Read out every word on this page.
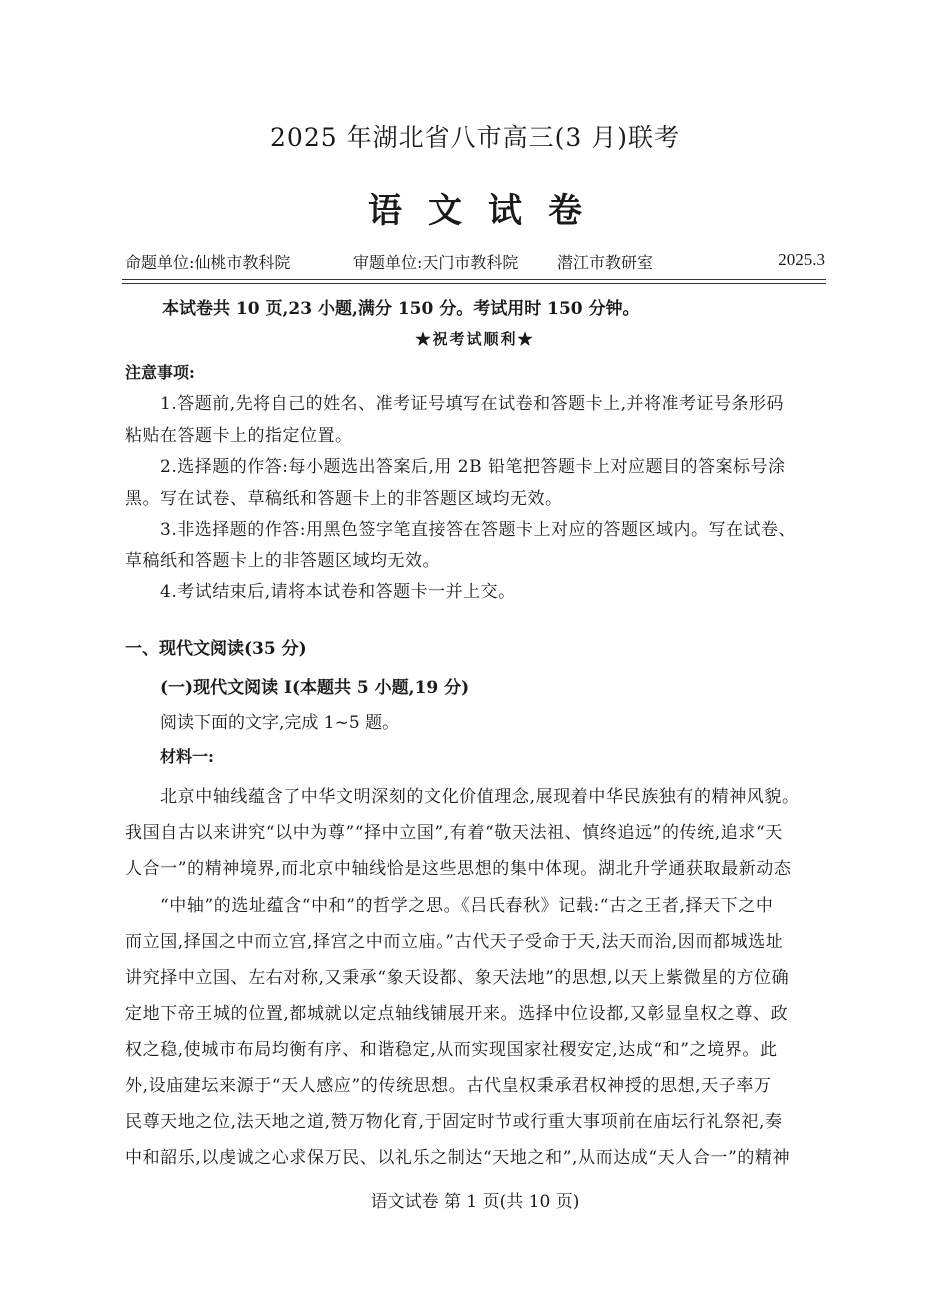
2025 年湖北省八市高三(3 月)联考
语文试卷
命题单位:仙桃市教科院	审题单位:天门市教科院 潜江市教研室	2025.3
本试卷共 10 页,23 小题,满分 150 分。考试用时 150 分钟。
★祝考试顺利★
注意事项:
1.答题前,先将自己的姓名、准考证号填写在试卷和答题卡上,并将准考证号条形码
粘贴在答题卡上的指定位置。
2.选择题的作答:每小题选出答案后,用 2B 铅笔把答题卡上对应题目的答案标号涂
黑。写在试卷、草稿纸和答题卡上的非答题区域均无效。
3.非选择题的作答:用黑色签字笔直接答在答题卡上对应的答题区域内。写在试卷、
草稿纸和答题卡上的非答题区域均无效。
4.考试结束后,请将本试卷和答题卡一并上交。
一、现代文阅读(35 分)
(一)现代文阅读 I(本题共 5 小题,19 分)
阅读下面的文字,完成 1~5 题。
材料一:
北京中轴线蕴含了中华文明深刻的文化价值理念,展现着中华民族独有的精神风貌。
我国自古以来讲究“以中为尊”“择中立国”,有着“敬天法祖、慎终追远”的传统,追求“天
人合一”的精神境界,而北京中轴线恰是这些思想的集中体现。湖北升学通获取最新动态
“中轴”的选址蕴含“中和”的哲学之思。《吕氏春秋》记载:“古之王者,择天下之中
而立国,择国之中而立宫,择宫之中而立庙。”古代天子受命于天,法天而治,因而都城选址
讲究择中立国、左右对称,又秉承“象天设都、象天法地”的思想,以天上紫微星的方位确
定地下帝王城的位置,都城就以定点轴线铺展开来。选择中位设都,又彰显皇权之尊、政
权之稳,使城市布局均衡有序、和谐稳定,从而实现国家社稷安定,达成“和”之境界。此
外,设庙建坛来源于“天人感应”的传统思想。古代皇权秉承君权神授的思想,天子率万
民尊天地之位,法天地之道,赞万物化育,于固定时节或行重大事项前在庙坛行礼祭祀,奏
中和韶乐,以虔诚之心求保万民、以礼乐之制达“天地之和”,从而达成“天人合一”的精神
语文试卷 第 1 页(共 10 页)
